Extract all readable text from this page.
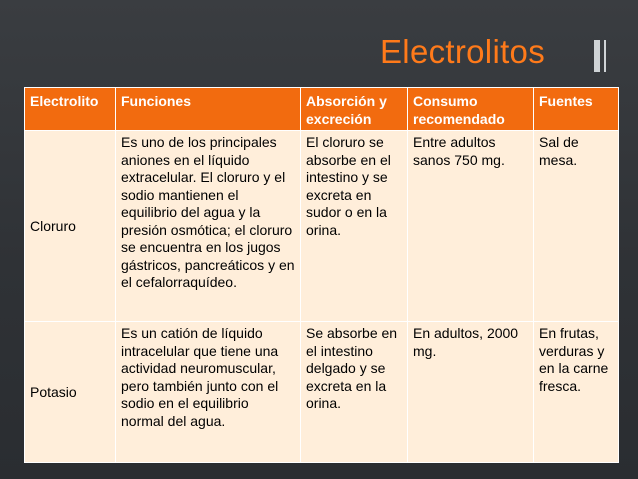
Electrolitos
Electrolito	Funciones	Absorción y excreción	Consumo recomendado	Fuentes
Cloruro	Es uno de los principales aniones en el líquido extracelular. El cloruro y el sodio mantienen el equilibrio del agua y la presión osmótica; el cloruro se encuentra en los jugos gástricos, pancreáticos y en el cefalorraquídeo.	El cloruro se absorbe en el intestino y se excreta en sudor o en la orina.	Entre adultos sanos 750 mg.	Sal de mesa.
Potasio	Es un catión de líquido intracelular que tiene una actividad neuromuscular, pero también junto con el sodio en el equilibrio normal del agua.	Se absorbe en el intestino delgado y se excreta en la orina.	En adultos, 2000 mg.	En frutas, verduras y en la carne fresca.
